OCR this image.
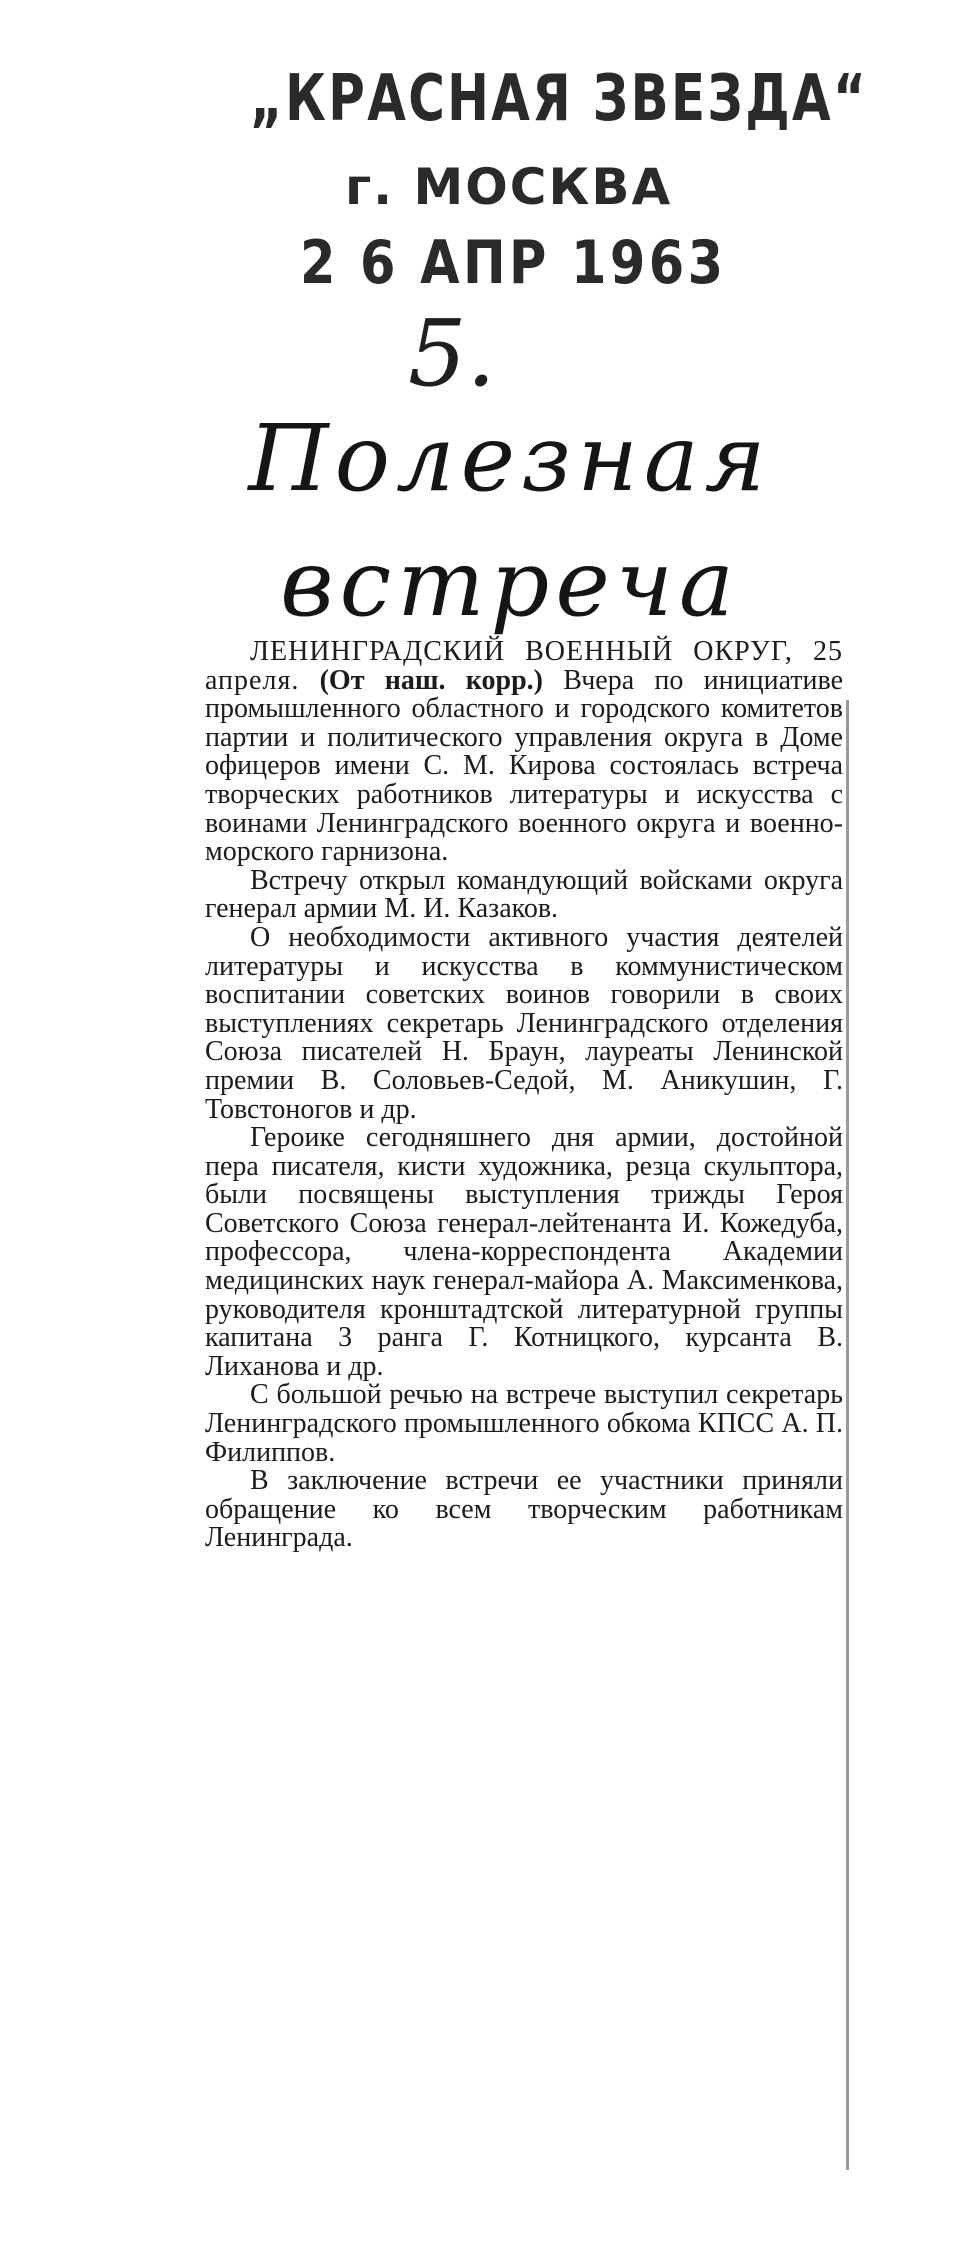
„КРАСНАЯ ЗВЕЗДА“
г. МОСКВА
2 6 АПР 1963
5.
Полезная
встреча

ЛЕНИНГРАДСКИЙ ВОЕННЫЙ ОКРУГ, 25 апреля. (От наш. корр.) Вчера по инициативе промышленного областного и городского комитетов партии и политического управления округа в Доме офицеров имени С. М. Кирова состоялась встреча творческих работников литературы и искусства с воинами Ленинградского военного округа и военно-морского гарнизона.

Встречу открыл командующий войсками округа генерал армии М. И. Казаков.

О необходимости активного участия деятелей литературы и искусства в коммунистическом воспитании советских воинов говорили в своих выступлениях секретарь Ленинградского отделения Союза писателей Н. Браун, лауреаты Ленинской премии В. Соловьев-Седой, М. Аникушин, Г. Товстоногов и др.

Героике сегодняшнего дня армии, достойной пера писателя, кисти художника, резца скульптора, были посвящены выступления трижды Героя Советского Союза генерал-лейтенанта И. Кожедуба, профессора, члена-корреспондента Академии медицинских наук генерал-майора А. Максименкова, руководителя кронштадтской литературной группы капитана 3 ранга Г. Котницкого, курсанта В. Лиханова и др.

С большой речью на встрече выступил секретарь Ленинградского промышленного обкома КПСС А. П. Филиппов.

В заключение встречи ее участники приняли обращение ко всем творческим работникам Ленинграда.
